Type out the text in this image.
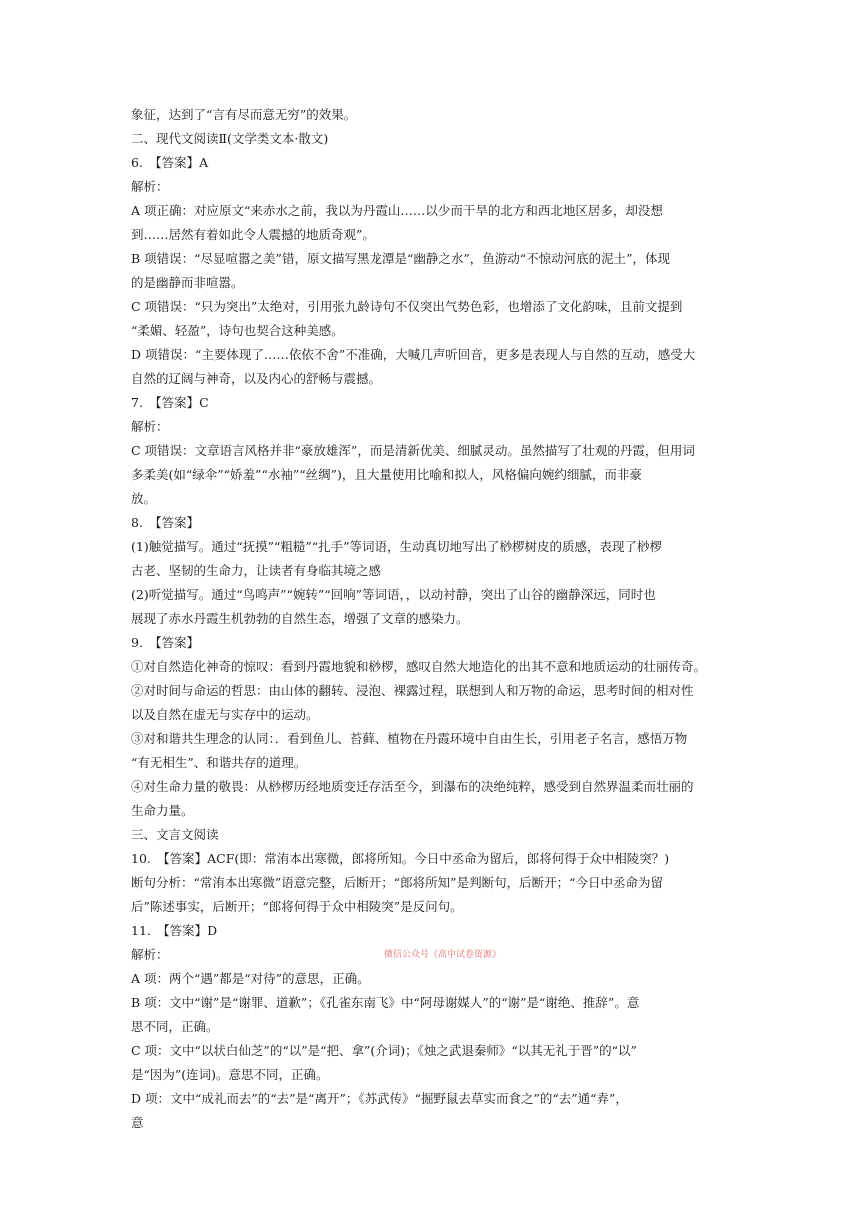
象征，达到了“言有尽而意无穷”的效果。
二、现代文阅读Ⅱ(文学类文本·散文)
6.　【答案】A
解析：
A 项正确：对应原文“来赤水之前，我以为丹霞山……以少而干旱的北方和西北地区居多，却没想
到……居然有着如此令人震撼的地质奇观”。
B 项错误：“尽显喧嚣之美”错，原文描写黑龙潭是“幽静之水”，鱼游动“不惊动河底的泥土”，体现
的是幽静而非喧嚣。
C 项错误：“只为突出”太绝对，引用张九龄诗句不仅突出气势色彩，也增添了文化韵味，且前文提到
“柔媚、轻盈”，诗句也契合这种美感。
D 项错误：“主要体现了……依依不舍”不准确，大喊几声听回音，更多是表现人与自然的互动，感受大
自然的辽阔与神奇，以及内心的舒畅与震撼。
7.　【答案】C
解析：
C 项错误：文章语言风格并非“豪放雄浑”，而是清新优美、细腻灵动。虽然描写了壮观的丹霞，但用词
多柔美(如“绿伞”“娇羞”“水袖”“丝绸”)，且大量使用比喻和拟人，风格偏向婉约细腻，而非豪
放。
8.　【答案】
(1)触觉描写。通过“抚摸”“粗糙”“扎手”等词语，生动真切地写出了桫椤树皮的质感，表现了桫椤
古老、坚韧的生命力，让读者有身临其境之感
(2)听觉描写。通过“鸟鸣声”“婉转”“回响”等词语，，以动衬静，突出了山谷的幽静深远，同时也
展现了赤水丹霞生机勃勃的自然生态，增强了文章的感染力。
9.　【答案】
①对自然造化神奇的惊叹：看到丹霞地貌和桫椤，感叹自然大地造化的出其不意和地质运动的壮丽传奇。
②对时间与命运的哲思：由山体的翻转、浸泡、裸露过程，联想到人和万物的命运，思考时间的相对性
以及自然在虚无与实存中的运动。
③对和谐共生理念的认同：．看到鱼儿、苔藓、植物在丹霞环境中自由生长，引用老子名言，感悟万物
“有无相生”、和谐共存的道理。
④对生命力量的敬畏：从桫椤历经地质变迁存活至今，到瀑布的决绝纯粹，感受到自然界温柔而壮丽的
生命力量。
三、文言文阅读
10.　【答案】ACF(即：常洧本出寒微，郎将所知。今日中丞命为留后，郎将何得于众中相陵突？)
断句分析：“常洧本出寒微”语意完整，后断开；“郎将所知”是判断句，后断开；“今日中丞命为留
后”陈述事实，后断开；“郎将何得于众中相陵突”是反问句。
11.　【答案】D
解析：
A 项：两个“遇”都是“对待”的意思，正确。
B 项：文中“谢”是“谢罪、道歉”；《孔雀东南飞》中“阿母谢媒人”的“谢”是“谢绝、推辞”。意
思不同，正确。
C 项：文中“以状白仙芝”的“以”是“把、拿”(介词)；《烛之武退秦师》“以其无礼于晋”的“以”
是“因为”(连词)。意思不同，正确。
D 项：文中“成礼而去”的“去”是“离开”；《苏武传》“掘野鼠去草实而食之”的“去”通“弆”，
意
微信公众号《高中试卷资源》
